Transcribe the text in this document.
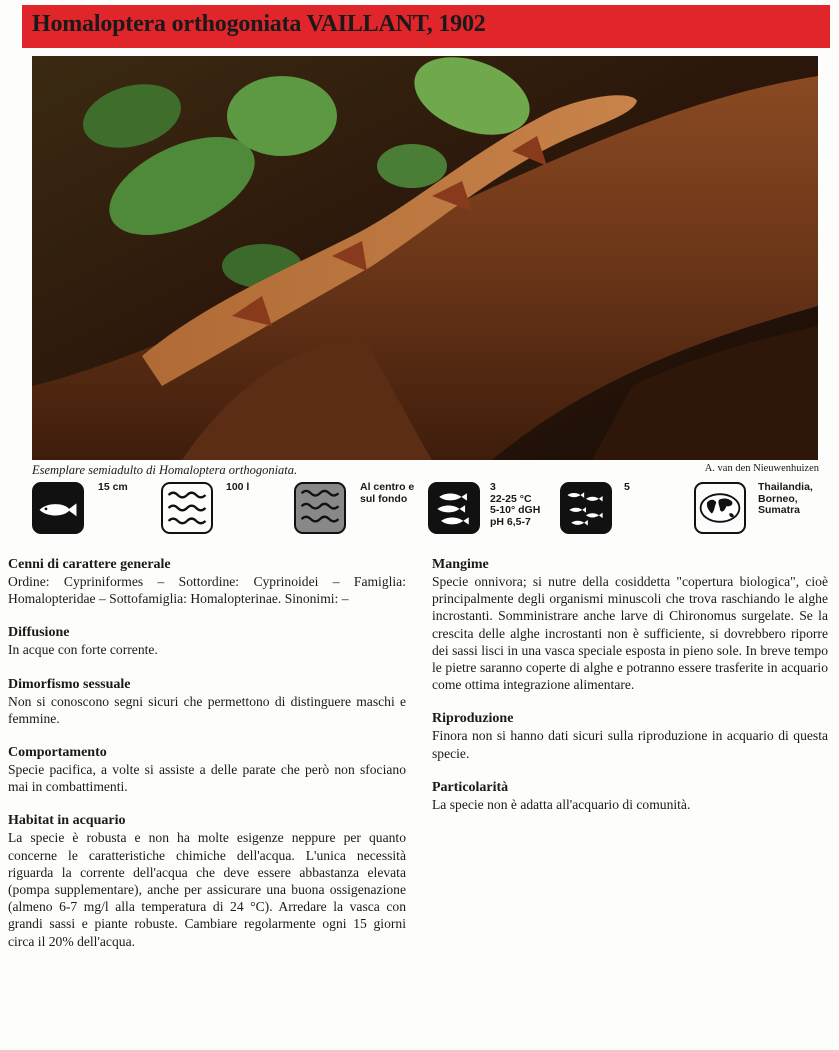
Homaloptera orthogoniata VAILLANT, 1902
Esemplare semiadulto di Homaloptera orthogoniata.	A. van den Nieuwenhuizen
15 cm	100 l	Al centro e
sul fondo
3
22-25 °C
5-10° dGH
pH 6,5-7
5	Thailandia,
Borneo,
Sumatra
Cenni di carattere generale

Ordine: Cypriniformes – Sottordine: Cyprinoidei – Famiglia: Homalopteridae – Sottofamiglia: Homalopterinae. Sinonimi: –

Diffusione

In acque con forte corrente.

Dimorfismo sessuale

Non si conoscono segni sicuri che permettono di distinguere maschi e femmine.

Comportamento

Specie pacifica, a volte si assiste a delle parate che però non sfociano mai in combattimenti.

Habitat in acquario

La specie è robusta e non ha molte esigenze neppure per quanto concerne le caratteristiche chimiche dell'acqua. L'unica necessità riguarda la corrente dell'acqua che deve essere abbastanza elevata (pompa supplementare), anche per assicurare una buona ossigenazione (almeno 6-7 mg/l alla temperatura di 24 °C). Arredare la vasca con grandi sassi e piante robuste. Cambiare regolarmente ogni 15 giorni circa il 20% dell'acqua.

Mangime

Specie onnivora; si nutre della cosiddetta "copertura biologica", cioè principalmente degli organismi minuscoli che trova raschiando le alghe incrostanti. Somministrare anche larve di Chironomus surgelate. Se la crescita delle alghe incrostanti non è sufficiente, si dovrebbero riporre dei sassi lisci in una vasca speciale esposta in pieno sole. In breve tempo le pietre saranno coperte di alghe e potranno essere trasferite in acquario come ottima integrazione alimentare.

Riproduzione

Finora non si hanno dati sicuri sulla riproduzione in acquario di questa specie.

Particolarità

La specie non è adatta all'acquario di comunità.
